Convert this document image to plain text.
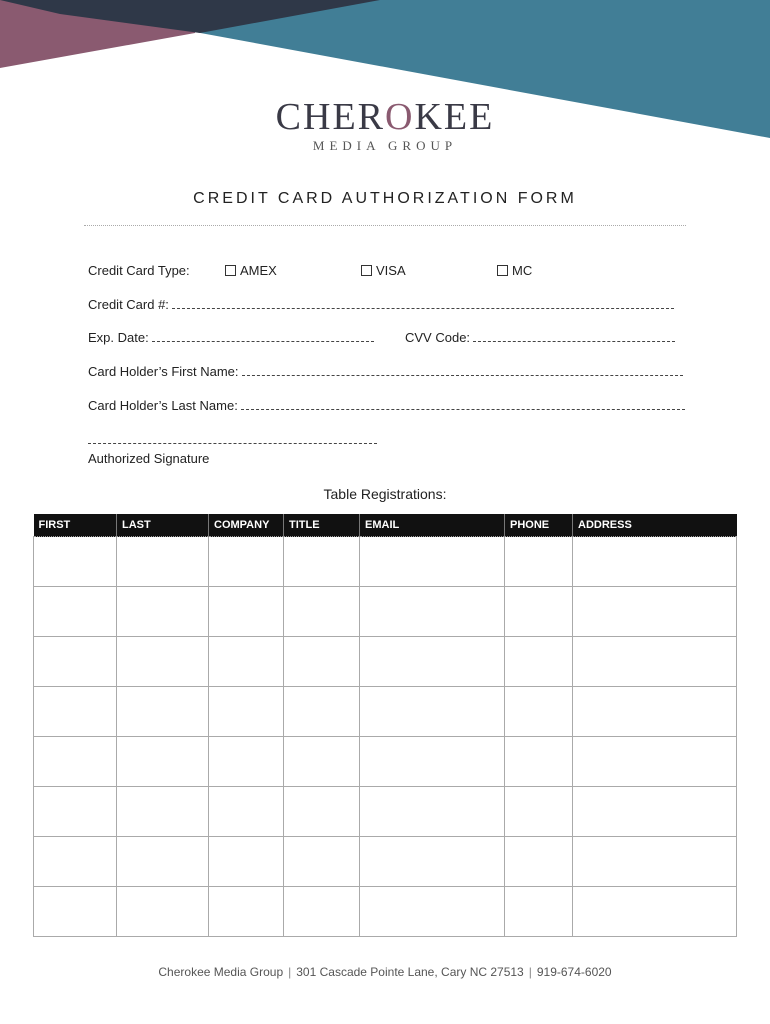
CHEROKEE
MEDIA GROUP
CREDIT CARD AUTHORIZATION FORM
Credit Card Type:	AMEX	VISA	MC
Credit Card #:
Exp. Date:	CVV Code:
Card Holder’s First Name:
Card Holder’s Last Name:
Authorized Signature
Table Registrations:
FIRST	LAST	COMPANY	TITLE	EMAIL	PHONE	ADDRESS

Cherokee Media Group | 301 Cascade Pointe Lane, Cary NC 27513 | 919-674-6020
